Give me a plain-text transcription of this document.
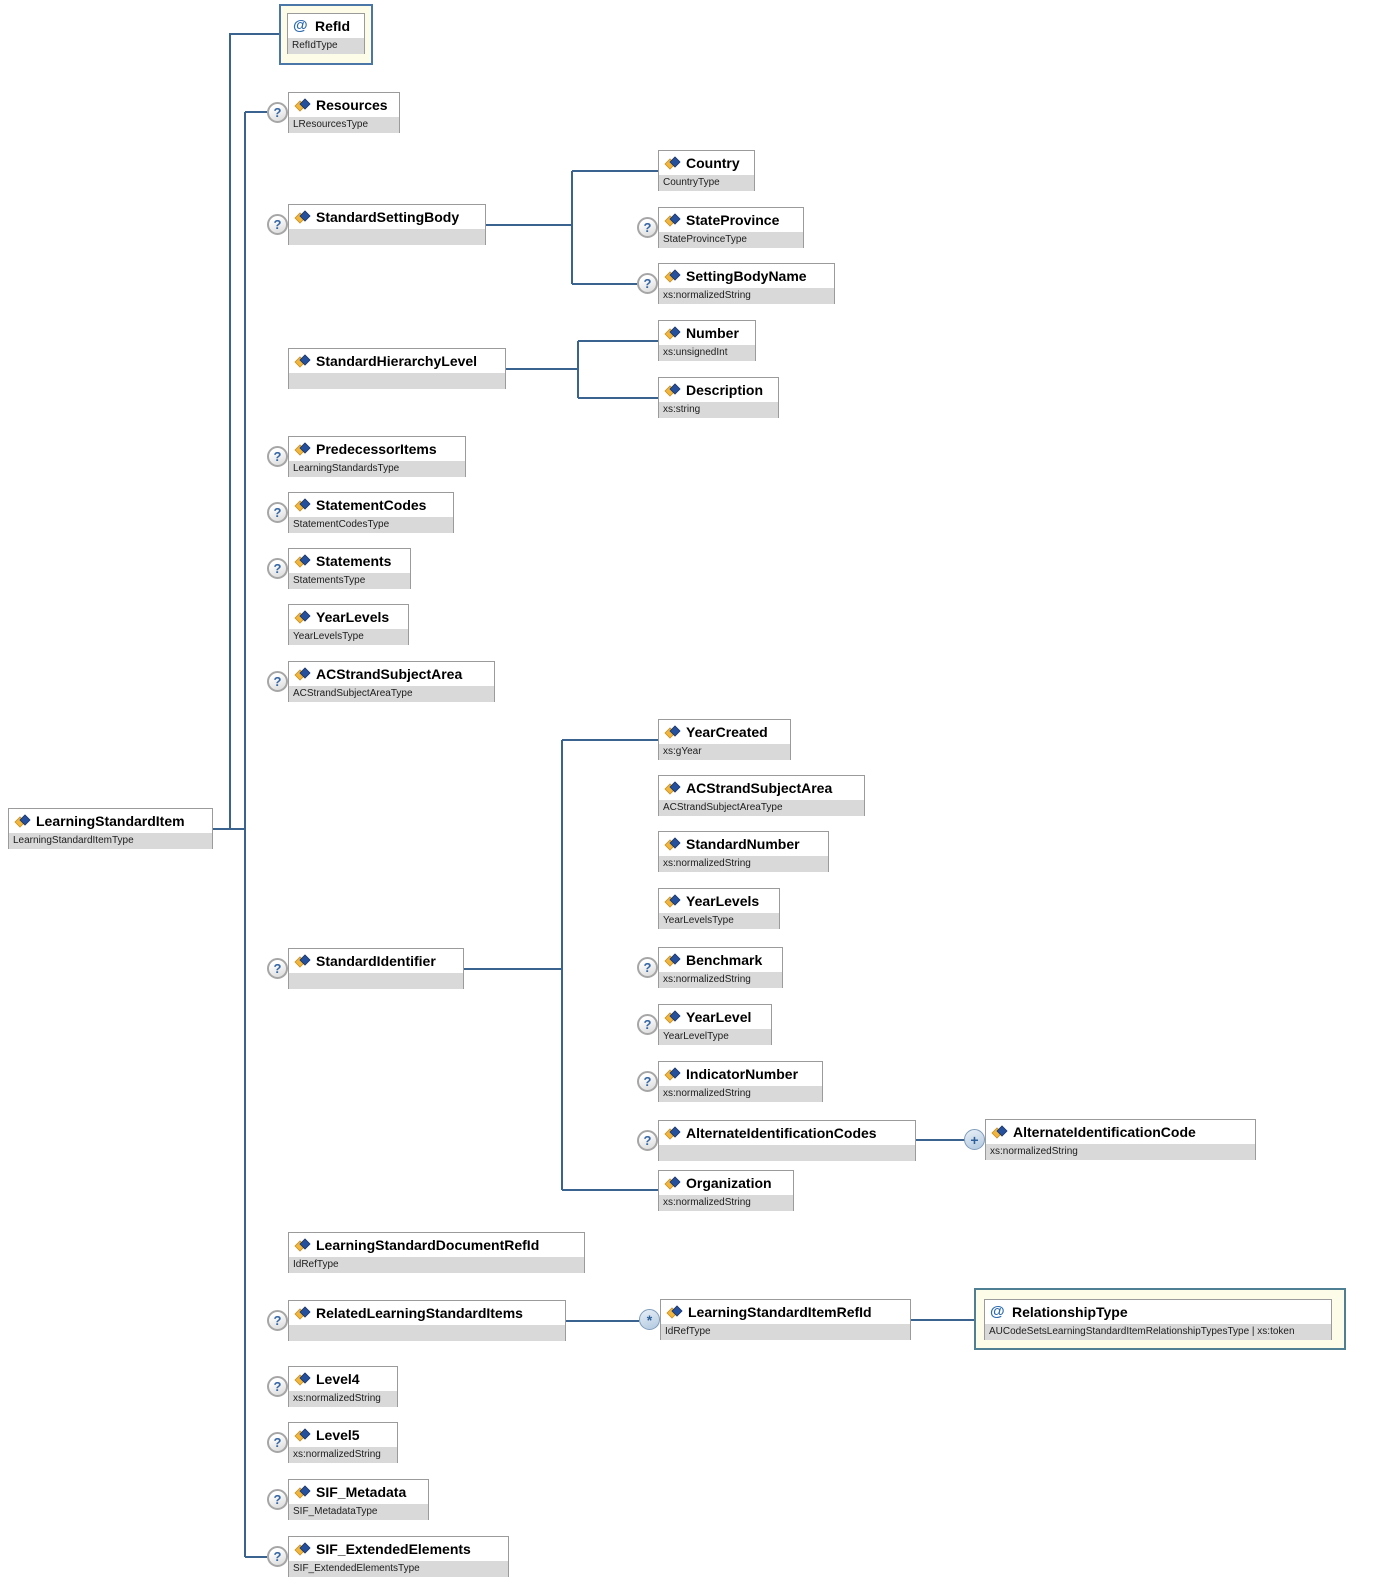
LearningStandardItem
LearningStandardItemType
@ RefId
RefIdType
Resources
LResourcesType
?
StandardSettingBody

?
Country
CountryType
StateProvince
StateProvinceType
?
SettingBodyName
xs:normalizedString
?
StandardHierarchyLevel

Number
xs:unsignedInt
Description
xs:string
PredecessorItems
LearningStandardsType
?
StatementCodes
StatementCodesType
?
Statements
StatementsType
?
YearLevels
YearLevelsType
ACStrandSubjectArea
ACStrandSubjectAreaType
?
StandardIdentifier

?
YearCreated
xs:gYear
ACStrandSubjectArea
ACStrandSubjectAreaType
StandardNumber
xs:normalizedString
YearLevels
YearLevelsType
Benchmark
xs:normalizedString
?
YearLevel
YearLevelType
?
IndicatorNumber
xs:normalizedString
?
AlternateIdentificationCodes

?
AlternateIdentificationCode
xs:normalizedString
+
Organization
xs:normalizedString
LearningStandardDocumentRefId
IdRefType
RelatedLearningStandardItems

?
LearningStandardItemRefId
IdRefType
*	@ RelationshipType
AUCodeSetsLearningStandardItemRelationshipTypesType | xs:token
Level4
xs:normalizedString
?
Level5
xs:normalizedString
?
SIF_Metadata
SIF_MetadataType
?
SIF_ExtendedElements
SIF_ExtendedElementsType
?
